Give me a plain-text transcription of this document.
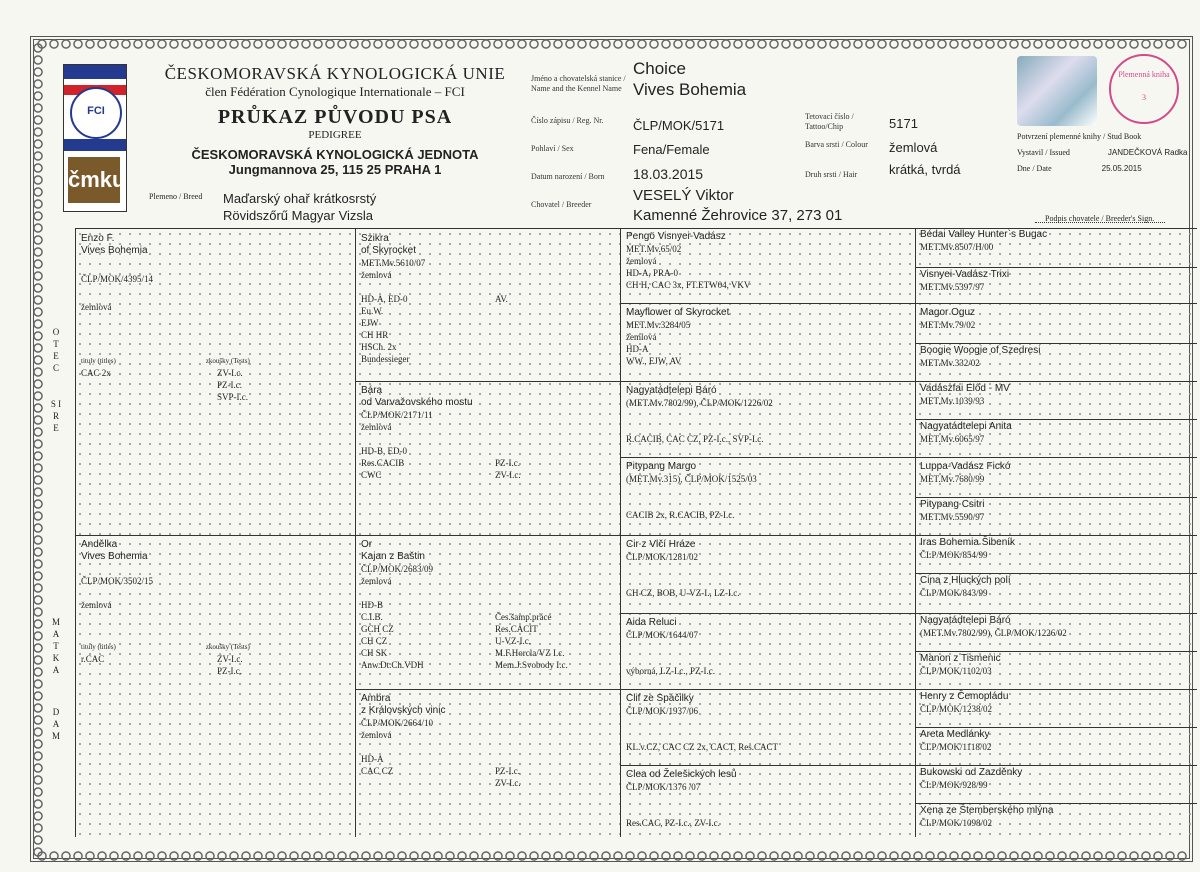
FCI
čmku
ČESKOMORAVSKÁ KYNOLOGICKÁ UNIE
člen Fédération Cynologique Internationale – FCI
PRŮKAZ PŮVODU PSA
PEDIGREE
ČESKOMORAVSKÁ KYNOLOGICKÁ JEDNOTA
Jungmannova 25, 115 25 PRAHA 1
Plemeno / Breed	Maďarský ohař krátkosrstý
Rövidszőrű Magyar Vizsla
Jméno a chovatelská stanice / Name and the Kennel Name
Choice
Vives Bohemia
Číslo zápisu / Reg. Nr.	ČLP/MOK/5171
Pohlaví / Sex	Fena/Female
Datum narození / Born	18.03.2015
Chovatel / Breeder
VESELÝ Viktor
Kamenné Žehrovice 37, 273 01
Tetovací číslo / Tattoo/Chip	5171
Barva srsti / Colour žemlová
Druh srsti / Hair	krátká, tvrdá
Plemenná kniha
3
Potvrzení plemenné knihy / Stud Book
Vystavil / Issued	JANDEČKOVÁ Radka
Dne / Date	25.05.2015
Podpis chovatele / Breeder's Sign.
O T E C
S I R E
M A T K A
D A M
Enzo F.
Vives Bohemia
ČLP/MOK/4395/14
žemlová
tituly (titles)	zkoušky (Tests)
CAC 2x	ZV-I.c.
PZ-I.c.
SVP-I.c.
Andělka
Vives Bohemia
ČLP/MOK/3502/15
žemlová
tituly (titles)	zkoušky (Tests)
r.CAC	ZV-I.c.
PZ-I.c.
Szikra
of Skyrocket
MET.Mv.5610/07
žemlová
HD-A, ED-0
Eu.W.
EJW
CH HR
HSCh. 2x
Bundessieger
AV.
Bára
od Varvažovského mostu
ČLP/MOK/2171/11
žemlová
HD-B, ED-0
Res.CACIB
CWC

PZ-I.c.
ZV-I.c.
Or
Kajan z Baštin
ČLP/MOK/2683/09
žemlová
HD-B
C.I.B.
GCH CZ
CH CZ
CH SK
Anw.Dt.Ch.VDH

Čes.šamp.práce
Res.CACIT
U-VZ-I.c.
M.F.Horcla/VZ I.c.
Mem.J.Svobody I.c.
Ambra
z Královských vinic
ČLP/MOK/2664/10
žemlová
HD-A
CAC CZ
	PZ-I.c.
ZV-I.c.
Pengö Visnyei-Vadász
MET.Mv.65/02
žemlová
HD-A, PRA-0
CH H, CAC 3x, FT.ETW04, VKV
Mayflower of Skyrocket
MET.Mv.3284/05
žemlová
HD-A
WW., EJW, AV
Nagyatádtelepi Báró
(MET.Mv.7802/99), ČLP/MOK/1226/02
R.CACIB, CAC CZ, PZ-I.c., SVP-I.c.
Pitypang Margo
(MET.Mv.315), ČLP/MOK/1525/03
CACIB 2x, R.CACIB, PZ-I.c.
Cir z Vlčí Hráze
ČLP/MOK/1281/02
CH CZ, BOB, U-VZ-I., LZ-I.c.
Aida Reluci
ČLP/MOK/1644/07
výborná, LZ-I.c., PZ-I.c.
Clif ze Spáčilky
ČLP/MOK/1937/06
KL.v.CZ, CAC CZ 2x, CACT, Res.CACT
Clea od Želešických lesů
ČLP/MOK/1376 /07
Res.CAC, PZ-I.c., ZV-I.c.
Bédai Valley Hunter`s Bugac
MET.Mv.8507/H/00
Visnyei-Vadász Trixi
MET.Mv.5397/97
Magor Oguz
MET.Mv.79/02
Boogie Woogie of Szedresi
MET.Mv.332/02
Vadászfai Előd - MV
MET.Mv.1039/93
Nagyatádtelepi Anita
MET.Mv.6065/97
Luppa-Vadász Fickó
MET.Mv.7680/99
Pitypang Csitri
MET.Mv.5590/97
Iras Bohemia Šibeník
ČLP/MOK/854/99
Cina z Hluckých polí
ČLP/MOK/843/99
Nagyatádtelepi Báró
(MET.Mv.7802/99), ČLP/MOK/1226/02
Manon z Tismenic
ČLP/MOK/1102/03
Henry z Čemopládu
ČLP/MOK/1238/02
Areta Medlánky
ČLP/MOK/1118/02
Bukowski od Zazděnky
ČLP/MOK/928/99
Xena ze Štemberského mlýna
ČLP/MOK/1098/02
